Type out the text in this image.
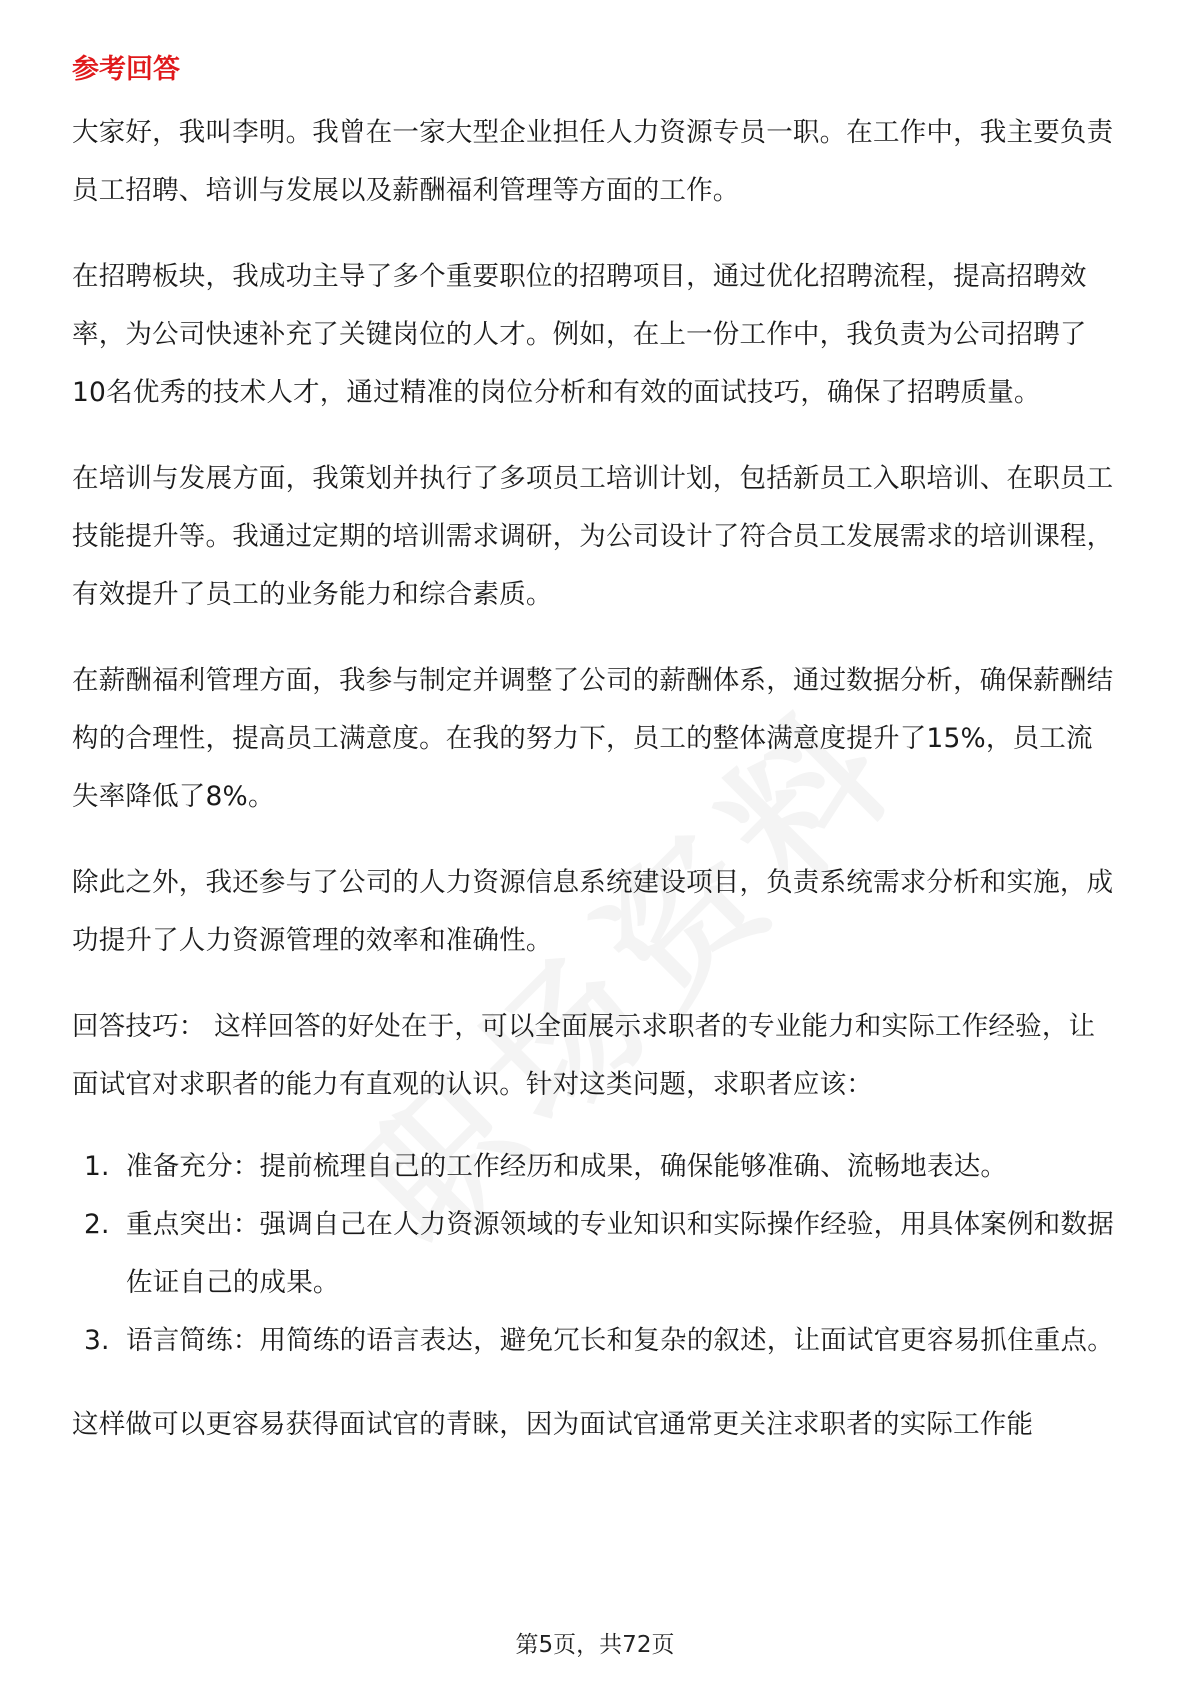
参考回答

大家好，我叫李明。我曾在一家大型企业担任人力资源专员一职。在工作中，我主要负责员工招聘、培训与发展以及薪酬福利管理等方面的工作。

在招聘板块，我成功主导了多个重要职位的招聘项目，通过优化招聘流程，提高招聘效率，为公司快速补充了关键岗位的人才。例如，在上一份工作中，我负责为公司招聘了10名优秀的技术人才，通过精准的岗位分析和有效的面试技巧，确保了招聘质量。

在培训与发展方面，我策划并执行了多项员工培训计划，包括新员工入职培训、在职员工技能提升等。我通过定期的培训需求调研，为公司设计了符合员工发展需求的培训课程，有效提升了员工的业务能力和综合素质。

在薪酬福利管理方面，我参与制定并调整了公司的薪酬体系，通过数据分析，确保薪酬结构的合理性，提高员工满意度。在我的努力下，员工的整体满意度提升了15%，员工流失率降低了8%。

除此之外，我还参与了公司的人力资源信息系统建设项目，负责系统需求分析和实施，成功提升了人力资源管理的效率和准确性。

回答技巧： 这样回答的好处在于，可以全面展示求职者的专业能力和实际工作经验，让面试官对求职者的能力有直观的认识。针对这类问题，求职者应该：

1. 准备充分：提前梳理自己的工作经历和成果，确保能够准确、流畅地表达。
2. 重点突出：强调自己在人力资源领域的专业知识和实际操作经验，用具体案例和数据佐证自己的成果。
3. 语言简练：用简练的语言表达，避免冗长和复杂的叙述，让面试官更容易抓住重点。

这样做可以更容易获得面试官的青睐，因为面试官通常更关注求职者的实际工作能

第5页，共72页
